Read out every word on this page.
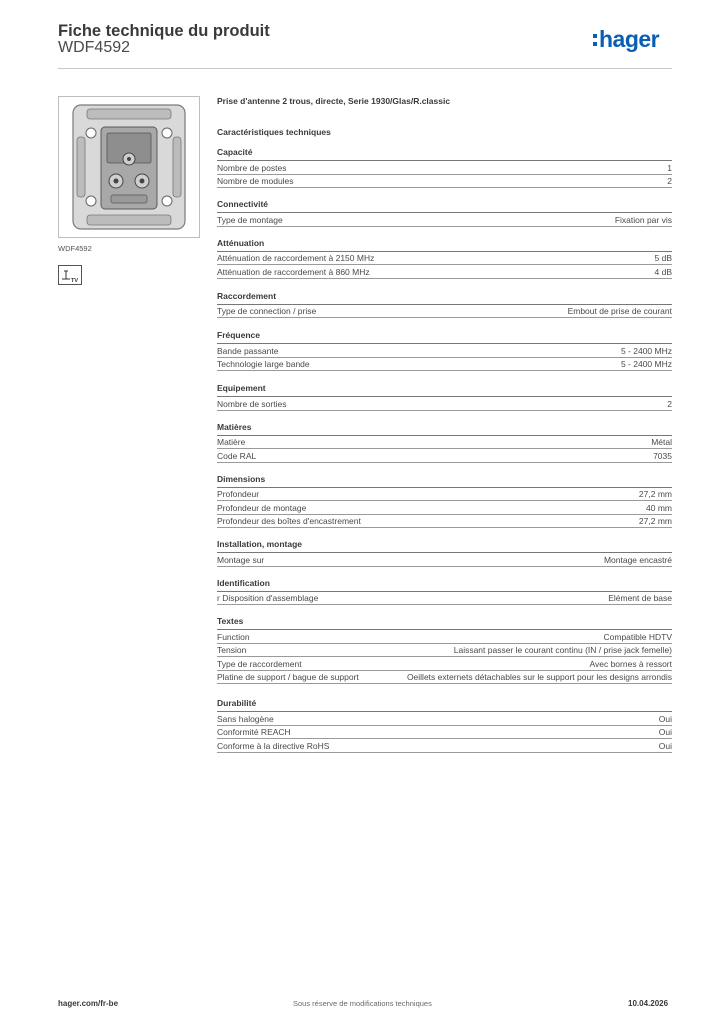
Fiche technique du produit
WDF4592	hager
WDF4592
TV
Prise d'antenne 2 trous, directe, Serie 1930/Glas/R.classic
Caractéristiques techniques
Capacité
Nombre de postes	1
Nombre de modules	2
Connectivité
Type de montage	Fixation par vis
Atténuation
Atténuation de raccordement à 2150 MHz	5 dB
Atténuation de raccordement à 860 MHz	4 dB
Raccordement
Type de connection / prise	Embout de prise de courant
Fréquence
Bande passante	5 - 2400 MHz
Technologie large bande	5 - 2400 MHz
Equipement
Nombre de sorties	2
Matières
Matière	Métal
Code RAL	7035
Dimensions
Profondeur	27,2 mm
Profondeur de montage	40 mm
Profondeur des boîtes d'encastrement	27,2 mm
Installation, montage
Montage sur	Montage encastré
Identification
r Disposition d'assemblage	Elément de base
Textes
Function	Compatible HDTV
Tension	Laissant passer le courant continu (IN / prise jack femelle)
Type de raccordement	Avec bornes à ressort
Platine de support / bague de support	Oeillets externets détachables sur le support pour les designs arrondis
Durabilité
Sans halogène	Oui
Conformité REACH	Oui
Conforme à la directive RoHS	Oui
hager.com/fr-be	Sous réserve de modifications techniques	10.04.2026
